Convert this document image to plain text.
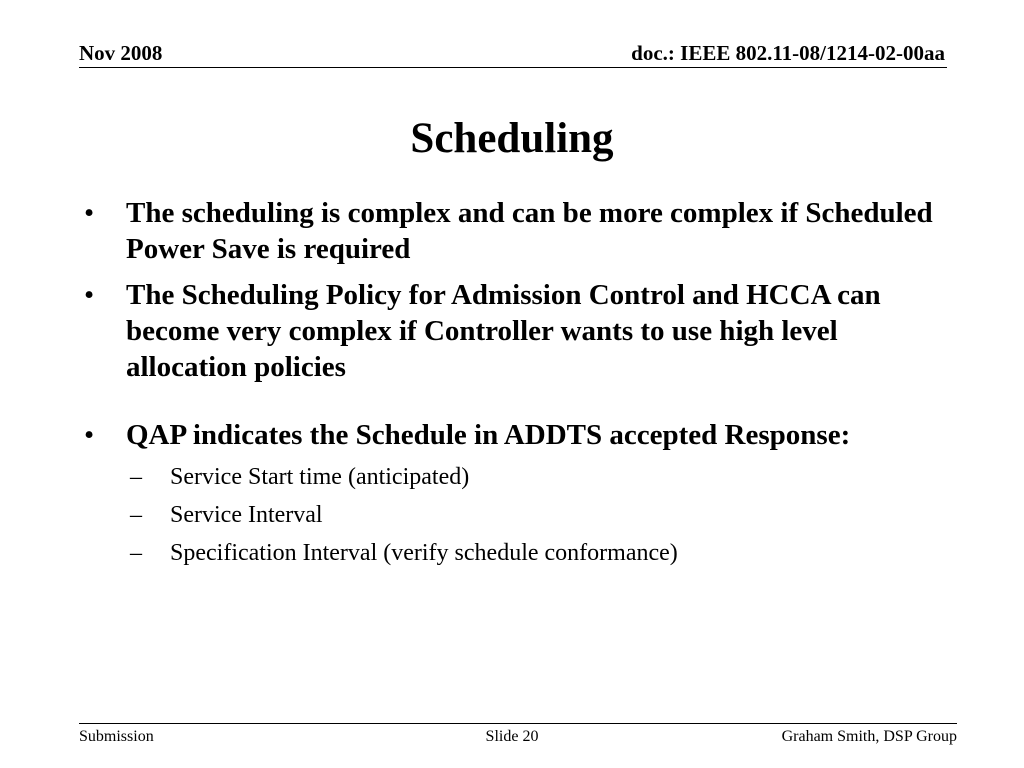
Nov 2008	doc.: IEEE 802.11-08/1214-02-00aa
Scheduling
• The scheduling is complex and can be more complex if Scheduled Power Save is required
• The Scheduling Policy for Admission Control and HCCA can become very complex if Controller wants to use high level allocation policies
• QAP indicates the Schedule in ADDTS accepted Response:
– Service Start time (anticipated)
– Service Interval
– Specification Interval (verify schedule conformance)
Submission	Slide 20	Graham Smith, DSP Group
